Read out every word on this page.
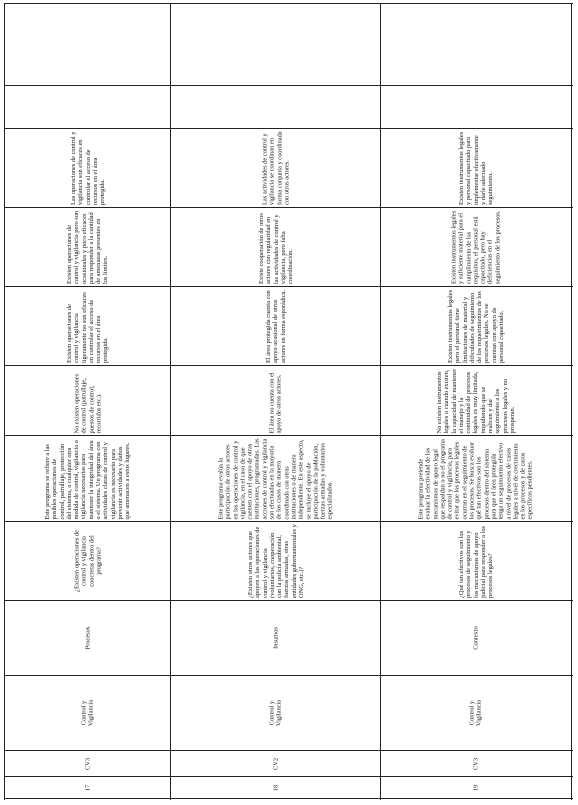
Las operaciones de control y vigilancia son eficaces en controlar el acceso de recursos en el área protegida.
Existen operaciones de control y vigilancia pero son ocasionales y poco eficaces para responder a la cantidad de amenazas presentes en los límites.
Existen operaciones de control y vigilancia ligeramente no son eficaces en controlar el acceso de recursos en el área protegida.
No existen operaciones de control (patrullaje, puestos de control, recorridos etc.).
Este programa se refiere a las posibles operaciones de control, patrullaje, protección del sistema, o cualquier otra medida de control, vigilancia o vigilancia necesarias para mantener la integridad del área o el sistema. Un programa con actividades claras de control y vigilancia es necesario para prevenir actividades y daños que amenacen a estos lugares.
¿Existen operaciones de control y vigilancia concretas dentro del programa?
Procesos
Control y Vigilancia
CV3
17
Las actividades de control y vigilancia se coordinan en forma conjunta y coordinada con otros actores.
Existe cooperación de otros actores con regularidad en las actividades de control y vigilancia, pero falta coordinación.
El área protegida cuenta con apoyo ocasional de otros actores en forma esporádica.
El área no cuenta con el apoyo de otros actores.
Este programa evalúa la participación de otros actores en las operaciones de control y vigilancia, en el caso de que cuenten con el apoyo de otras instituciones, programadas. Las acciones de control y vigilancia son efectuadas en la mayoría de los casos de manera coordinada con otras instituciones o de manera independiente. En este aspecto, se incluye el apoyo de participación de la población, fuerzas armadas y voluntarios especializados.
¿Existen otros actores que apoyen a las operaciones de control y vigilancia (voluntarios, cooperación con la policía ambiental, fuerzas armadas, otras entidades gubernamentales y ONG, etc.)?
Insumos
Control y Vigilancia
CV2
18
Existen instrumentos legales y personal capacitado para implementar efectivamente y darle adecuado seguimiento.
Existen instrumentos legales y suficiente material para el cumplimiento de los requisitos, el personal está capacitado, pero hay deficiencias en el seguimiento de los procesos.
Existen instrumentos legales pero el personal tiene limitaciones de material y dificultades de seguimiento de los requerimientos de los procesos legales. No se cuentan con apoyo de personal capacitado.
No existen instrumentos legales o cuando existen, la capacidad de mantener el manejo y la continuidad de procesos legales es muy limitada, impidiendo que se realicen y dar seguimiento a los procesos legales y no prosperan.
Este programa pretende evaluar la efectividad de los mecanismos de apoyo legal que respaldan o no el programa de control y vigilancia, para evitar que los procesos legales ocurran en el seguimiento de los procesos. Se busca evaluar qué tan efectivos son los procesos dentro del sistema para que el área protegida tenga un seguimiento efectivo a nivel de procesos de casos legales a nivel de crecimiento en los procesos y de casos específicos pendientes.
¿Qué tan efectivos son los procesos de seguimiento y los mecanismos de apoyo judicial para responder a los procesos legales?
Contexto
Control y Vigilancia
CV3
19
